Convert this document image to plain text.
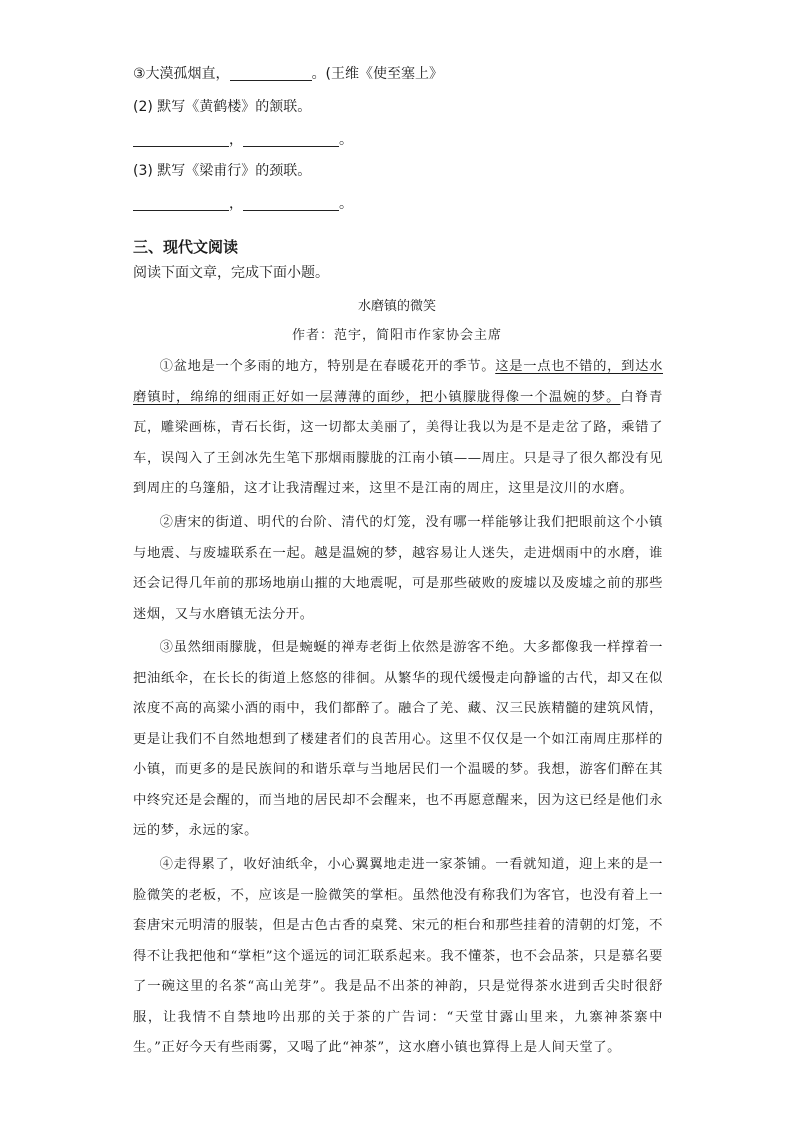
③大漠孤烟直，	。(王维《使至塞上》
(2) 默写《黄鹤楼》的颔联。
，	。
(3) 默写《梁甫行》的颈联。
，	。
三、现代文阅读
阅读下面文章，完成下面小题。
水磨镇的微笑
作者：范宇，简阳市作家协会主席
①盆地是一个多雨的地方，特别是在春暖花开的季节。这是一点也不错的，到达水磨镇时，绵绵的细雨正好如一层薄薄的面纱，把小镇朦胧得像一个温婉的梦。白脊青瓦，雕梁画栋，青石长街，这一切都太美丽了，美得让我以为是不是走岔了路，乘错了车，误闯入了王剑冰先生笔下那烟雨朦胧的江南小镇——周庄。只是寻了很久都没有见到周庄的乌篷船，这才让我清醒过来，这里不是江南的周庄，这里是汶川的水磨。
②唐宋的街道、明代的台阶、清代的灯笼，没有哪一样能够让我们把眼前这个小镇与地震、与废墟联系在一起。越是温婉的梦，越容易让人迷失，走进烟雨中的水磨，谁还会记得几年前的那场地崩山摧的大地震呢，可是那些破败的废墟以及废墟之前的那些迷烟，又与水磨镇无法分开。
③虽然细雨朦胧，但是蜿蜒的禅寿老街上依然是游客不绝。大多都像我一样撑着一把油纸伞，在长长的街道上悠悠的徘徊。从繁华的现代缓慢走向静谧的古代，却又在似浓度不高的高粱小酒的雨中，我们都醉了。融合了羌、藏、汉三民族精髓的建筑风情，更是让我们不自然地想到了楼建者们的良苦用心。这里不仅仅是一个如江南周庄那样的小镇，而更多的是民族间的和谐乐章与当地居民们一个温暖的梦。我想，游客们醉在其中终究还是会醒的，而当地的居民却不会醒来，也不再愿意醒来，因为这已经是他们永远的梦，永远的家。
④走得累了，收好油纸伞，小心翼翼地走进一家茶铺。一看就知道，迎上来的是一脸微笑的老板，不，应该是一脸微笑的掌柜。虽然他没有称我们为客官，也没有着上一套唐宋元明清的服装，但是古色古香的桌凳、宋元的柜台和那些挂着的清朝的灯笼，不得不让我把他和“掌柜”这个遥远的词汇联系起来。我不懂茶，也不会品茶，只是慕名要了一碗这里的名茶“高山羌芽”。我是品不出茶的神韵，只是觉得茶水进到舌尖时很舒服，让我情不自禁地吟出那的关于茶的广告词：“天堂甘露山里来，九寨神茶寨中生。”正好今天有些雨雾，又喝了此“神茶”，这水磨小镇也算得上是人间天堂了。
